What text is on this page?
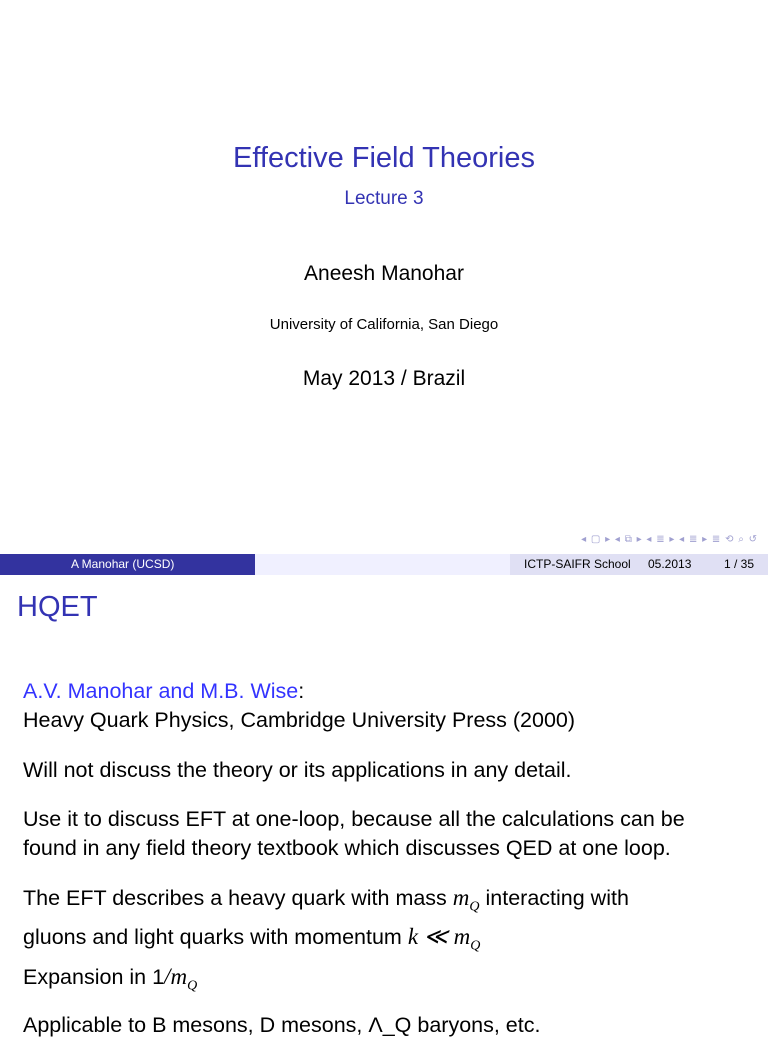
Effective Field Theories
Lecture 3
Aneesh Manohar
University of California, San Diego
May 2013 / Brazil
◂ ▢ ▸ ◂ ⧉ ▸ ◂ ≣ ▸ ◂ ≣ ▸ ≣ ⟲ ⌕ ↺
A Manohar (UCSD)	ICTP-SAIFR School 05.2013	1 / 35
HQET
A.V. Manohar and M.B. Wise:
Heavy Quark Physics, Cambridge University Press (2000)
Will not discuss the theory or its applications in any detail.
Use it to discuss EFT at one-loop, because all the calculations can be
found in any field theory textbook which discusses QED at one loop.
The EFT describes a heavy quark with mass $m_Q$ interacting with
gluons and light quarks with momentum k ≪ $m_Q$
Expansion in $1/m_Q$
Applicable to B mesons, D mesons, Λ_Q baryons, etc.
